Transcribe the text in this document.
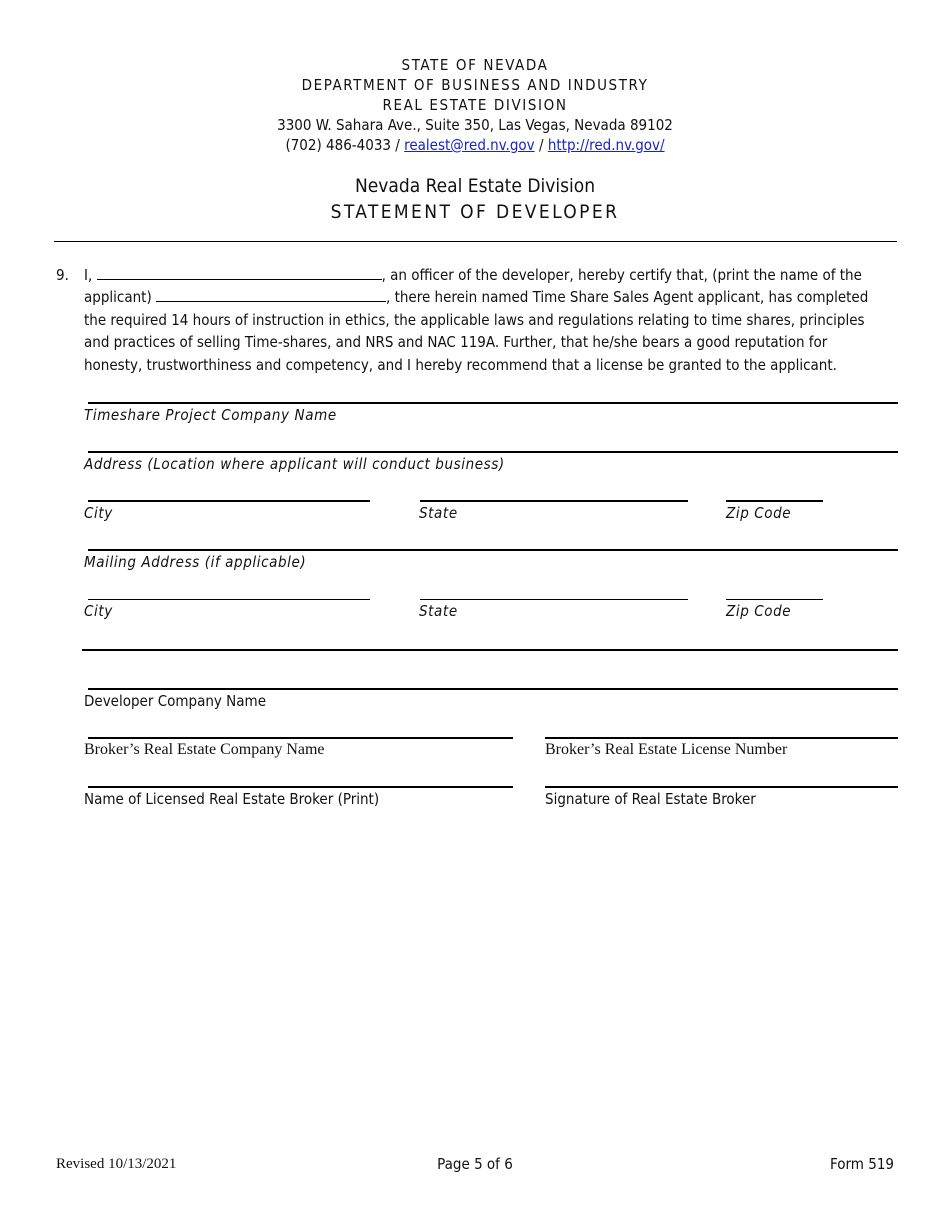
STATE OF NEVADA
DEPARTMENT OF BUSINESS AND INDUSTRY
REAL ESTATE DIVISION
3300 W. Sahara Ave., Suite 350, Las Vegas, Nevada 89102
(702) 486-4033 / realest@red.nv.gov / http://red.nv.gov/
Nevada Real Estate Division
STATEMENT OF DEVELOPER
9. I,	, an officer of the developer, hereby certify that, (print the name of the
applicant)	, there herein named Time Share Sales Agent applicant, has completed
the required 14 hours of instruction in ethics, the applicable laws and regulations relating to time shares, principles
and practices of selling Time-shares, and NRS and NAC 119A. Further, that he/she bears a good reputation for
honesty, trustworthiness and competency, and I hereby recommend that a license be granted to the applicant.
Timeshare Project Company Name
Address (Location where applicant will conduct business)
City	State	Zip Code
Mailing Address (if applicable)
City	State	Zip Code
Developer Company Name
Broker’s Real Estate Company Name	Broker’s Real Estate License Number
Name of Licensed Real Estate Broker (Print)	Signature of Real Estate Broker
Revised 10/13/2021	Page 5 of 6	Form 519
